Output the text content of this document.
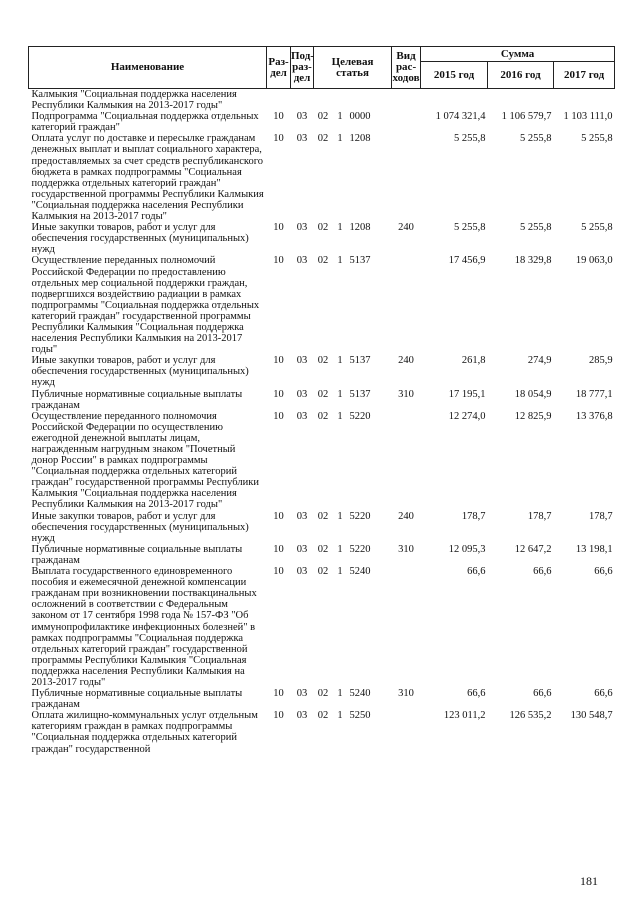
Наименование	Раз-дел	Под-раз-дел	Целевая статья			Вид рас-ходов	Сумма		
							2015 год	2016 год	2017 год
Калмыкия "Социальная поддержка населения Республики Калмыкия на 2013-2017 годы"									
Подпрограмма "Социальная поддержка отдельных категорий граждан"	10	03	02	1	0000		1 074 321,4	1 106 579,7	1 103 111,0
Оплата услуг по доставке и пересылке гражданам денежных выплат и выплат социального характера, предоставляемых за счет средств республиканского бюджета в рамках подпрограммы "Социальная поддержка отдельных категорий граждан" государственной программы Республики Калмыкия "Социальная поддержка населения Республики Калмыкия на 2013-2017 годы"	10	03	02	1	1208		5 255,8	5 255,8	5 255,8
Иные закупки товаров, работ и услуг для обеспечения государственных (муниципальных) нужд	10	03	02	1	1208	240	5 255,8	5 255,8	5 255,8
Осуществление переданных полномочий Российской Федерации по предоставлению отдельных мер социальной поддержки граждан, подвергшихся воздействию радиации в рамках подпрограммы "Социальная поддержка отдельных категорий граждан" государственной программы Республики Калмыкия "Социальная поддержка населения Республики Калмыкия на 2013-2017 годы"	10	03	02	1	5137		17 456,9	18 329,8	19 063,0
Иные закупки товаров, работ и услуг для обеспечения государственных (муниципальных) нужд	10	03	02	1	5137	240	261,8	274,9	285,9
Публичные нормативные социальные выплаты гражданам	10	03	02	1	5137	310	17 195,1	18 054,9	18 777,1
Осуществление переданного полномочия Российской Федерации по осуществлению ежегодной денежной выплаты лицам, награжденным нагрудным знаком "Почетный донор России" в рамках подпрограммы "Социальная поддержка отдельных категорий граждан" государственной программы Республики Калмыкия "Социальная поддержка населения Республики Калмыкия на 2013-2017 годы"	10	03	02	1	5220		12 274,0	12 825,9	13 376,8
Иные закупки товаров, работ и услуг для обеспечения государственных (муниципальных) нужд	10	03	02	1	5220	240	178,7	178,7	178,7
Публичные нормативные социальные выплаты гражданам	10	03	02	1	5220	310	12 095,3	12 647,2	13 198,1
Выплата государственного единовременного пособия и ежемесячной денежной компенсации гражданам при возникновении поствакцинальных осложнений в соответствии с Федеральным законом от 17 сентября 1998 года № 157-ФЗ "Об иммунопрофилактике инфекционных болезней" в рамках подпрограммы "Социальная поддержка отдельных категорий граждан" государственной программы Республики Калмыкия "Социальная поддержка населения Республики Калмыкия на 2013-2017 годы"	10	03	02	1	5240		66,6	66,6	66,6
Публичные нормативные социальные выплаты гражданам	10	03	02	1	5240	310	66,6	66,6	66,6
Оплата жилищно-коммунальных услуг отдельным категориям граждан в рамках подпрограммы "Социальная поддержка отдельных категорий граждан" государственной	10	03	02	1	5250		123 011,2	126 535,2	130 548,7
181
